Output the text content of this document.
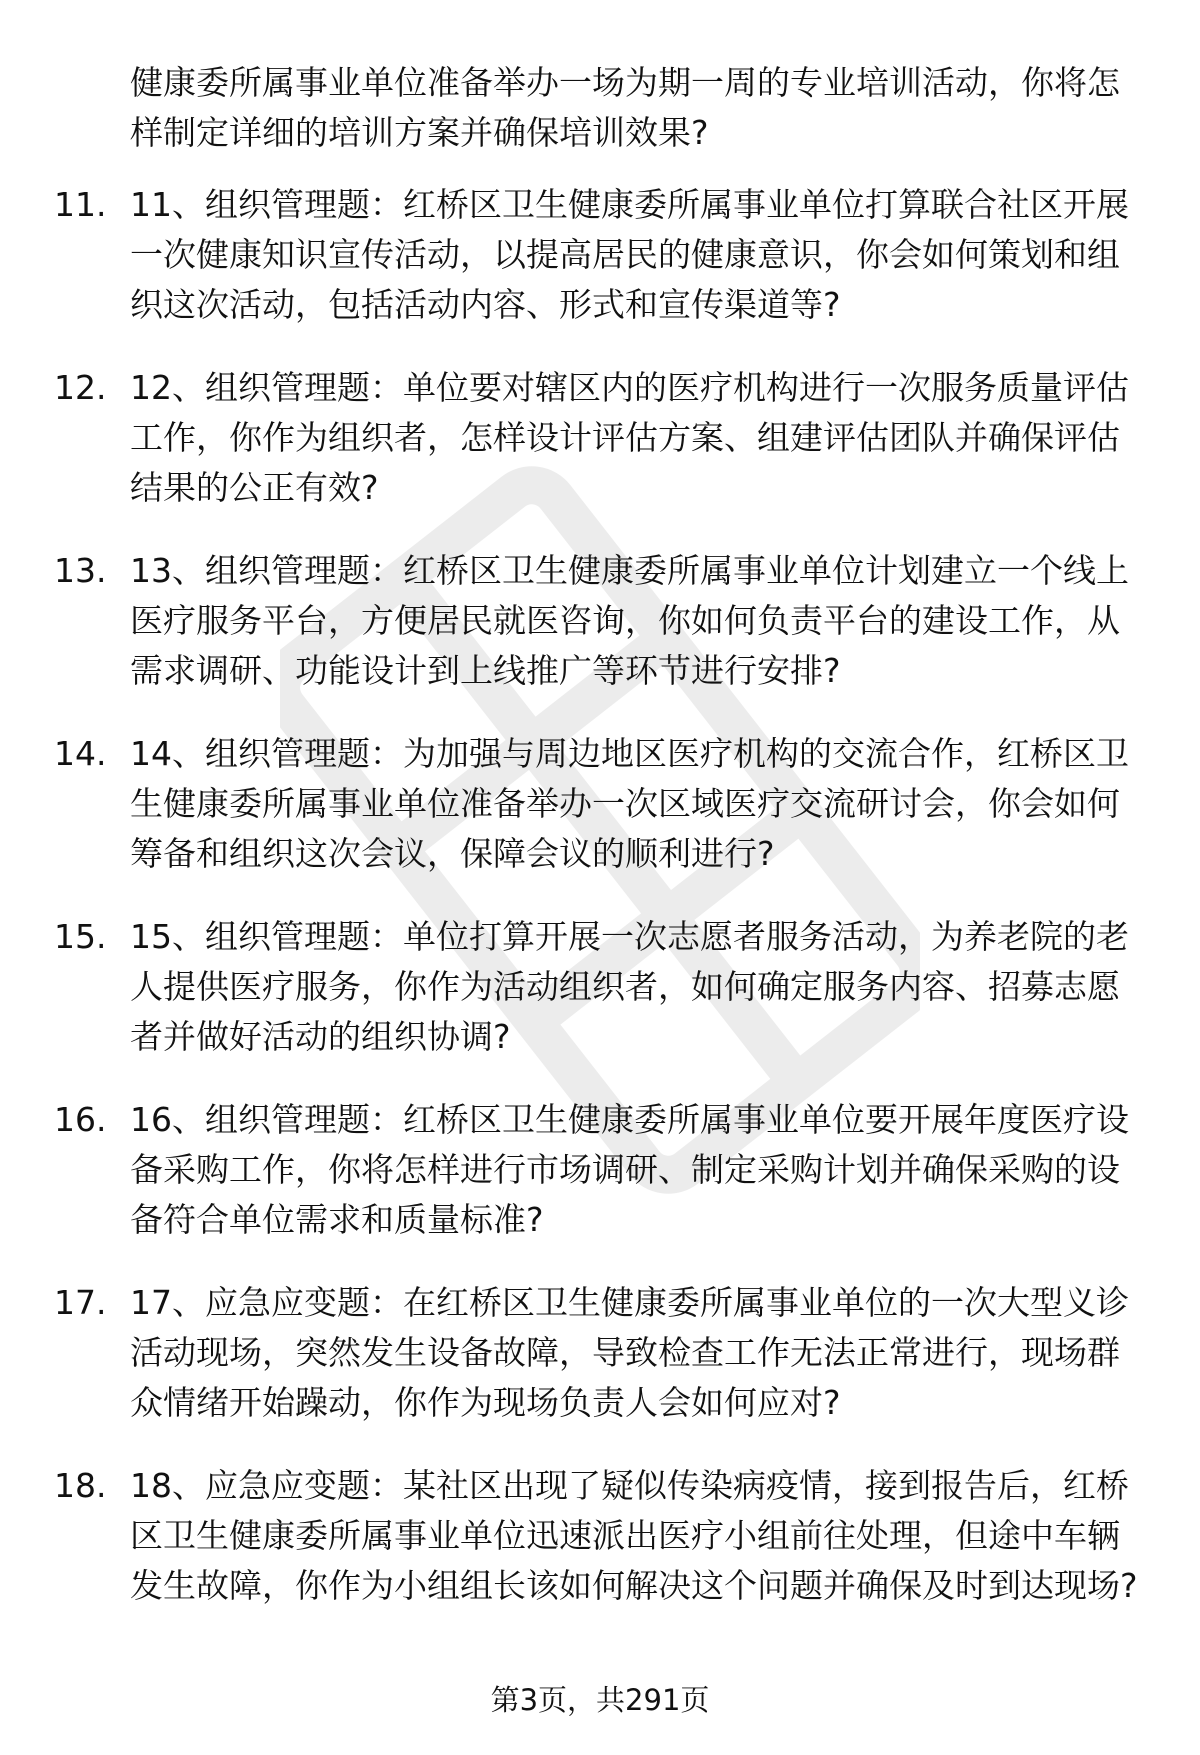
健康委所属事业单位准备举办一场为期一周的专业培训活动，你将怎样制定详细的培训方案并确保培训效果?

11. 11、组织管理题：红桥区卫生健康委所属事业单位打算联合社区开展一次健康知识宣传活动，以提高居民的健康意识，你会如何策划和组织这次活动，包括活动内容、形式和宣传渠道等?
12. 12、组织管理题：单位要对辖区内的医疗机构进行一次服务质量评估工作，你作为组织者，怎样设计评估方案、组建评估团队并确保评估结果的公正有效?
13. 13、组织管理题：红桥区卫生健康委所属事业单位计划建立一个线上医疗服务平台，方便居民就医咨询，你如何负责平台的建设工作，从需求调研、功能设计到上线推广等环节进行安排?
14. 14、组织管理题：为加强与周边地区医疗机构的交流合作，红桥区卫生健康委所属事业单位准备举办一次区域医疗交流研讨会，你会如何筹备和组织这次会议，保障会议的顺利进行?
15. 15、组织管理题：单位打算开展一次志愿者服务活动，为养老院的老人提供医疗服务，你作为活动组织者，如何确定服务内容、招募志愿者并做好活动的组织协调?
16. 16、组织管理题：红桥区卫生健康委所属事业单位要开展年度医疗设备采购工作，你将怎样进行市场调研、制定采购计划并确保采购的设备符合单位需求和质量标准?
17. 17、应急应变题：在红桥区卫生健康委所属事业单位的一次大型义诊活动现场，突然发生设备故障，导致检查工作无法正常进行，现场群众情绪开始躁动，你作为现场负责人会如何应对?
18. 18、应急应变题：某社区出现了疑似传染病疫情，接到报告后，红桥区卫生健康委所属事业单位迅速派出医疗小组前往处理，但途中车辆发生故障，你作为小组组长该如何解决这个问题并确保及时到达现场?
第3页，共291页
